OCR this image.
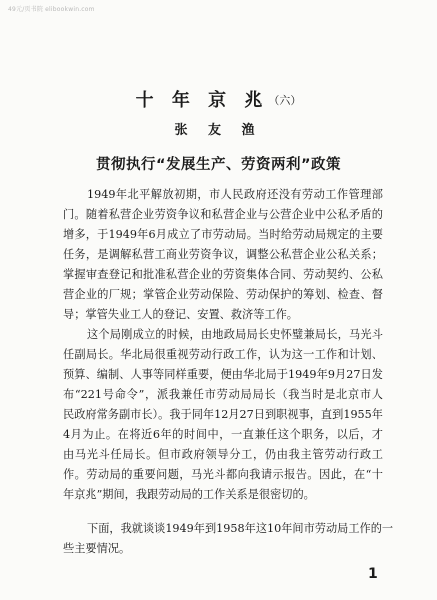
49元/页书院 elibookwin.com
十 年 京 兆（六）
张 友 渔
贯彻执行“发展生产、劳资两利”政策
1949年北平解放初期，市人民政府还没有劳动工作管理部
门。随着私营企业劳资争议和私营企业与公营企业中公私矛盾的
增多，于1949年6月成立了市劳动局。当时给劳动局规定的主要
任务，是调解私营工商业劳资争议，调整公私营企业公私关系；
掌握审查登记和批准私营企业的劳资集体合同、劳动契约、公私
营企业的厂规；掌管企业劳动保险、劳动保护的筹划、检查、督
导；掌管失业工人的登记、安置、救济等工作。
这个局刚成立的时候，由地政局局长史怀璧兼局长，马光斗
任副局长。华北局很重视劳动行政工作，认为这一工作和计划、
预算、编制、人事等同样重要，便由华北局于1949年9月27日发
布“221号命令”，派我兼任市劳动局局长（我当时是北京市人
民政府常务副市长）。我于同年12月27日到职视事，直到1955年
4月为止。在将近6年的时间中，一直兼任这个职务，以后，才
由马光斗任局长。但市政府领导分工，仍由我主管劳动行政工
作。劳动局的重要问题，马光斗都向我请示报告。因此，在“十
年京兆”期间，我跟劳动局的工作关系是很密切的。
下面，我就谈谈1949年到1958年这10年间市劳动局工作的一
些主要情况。
1
